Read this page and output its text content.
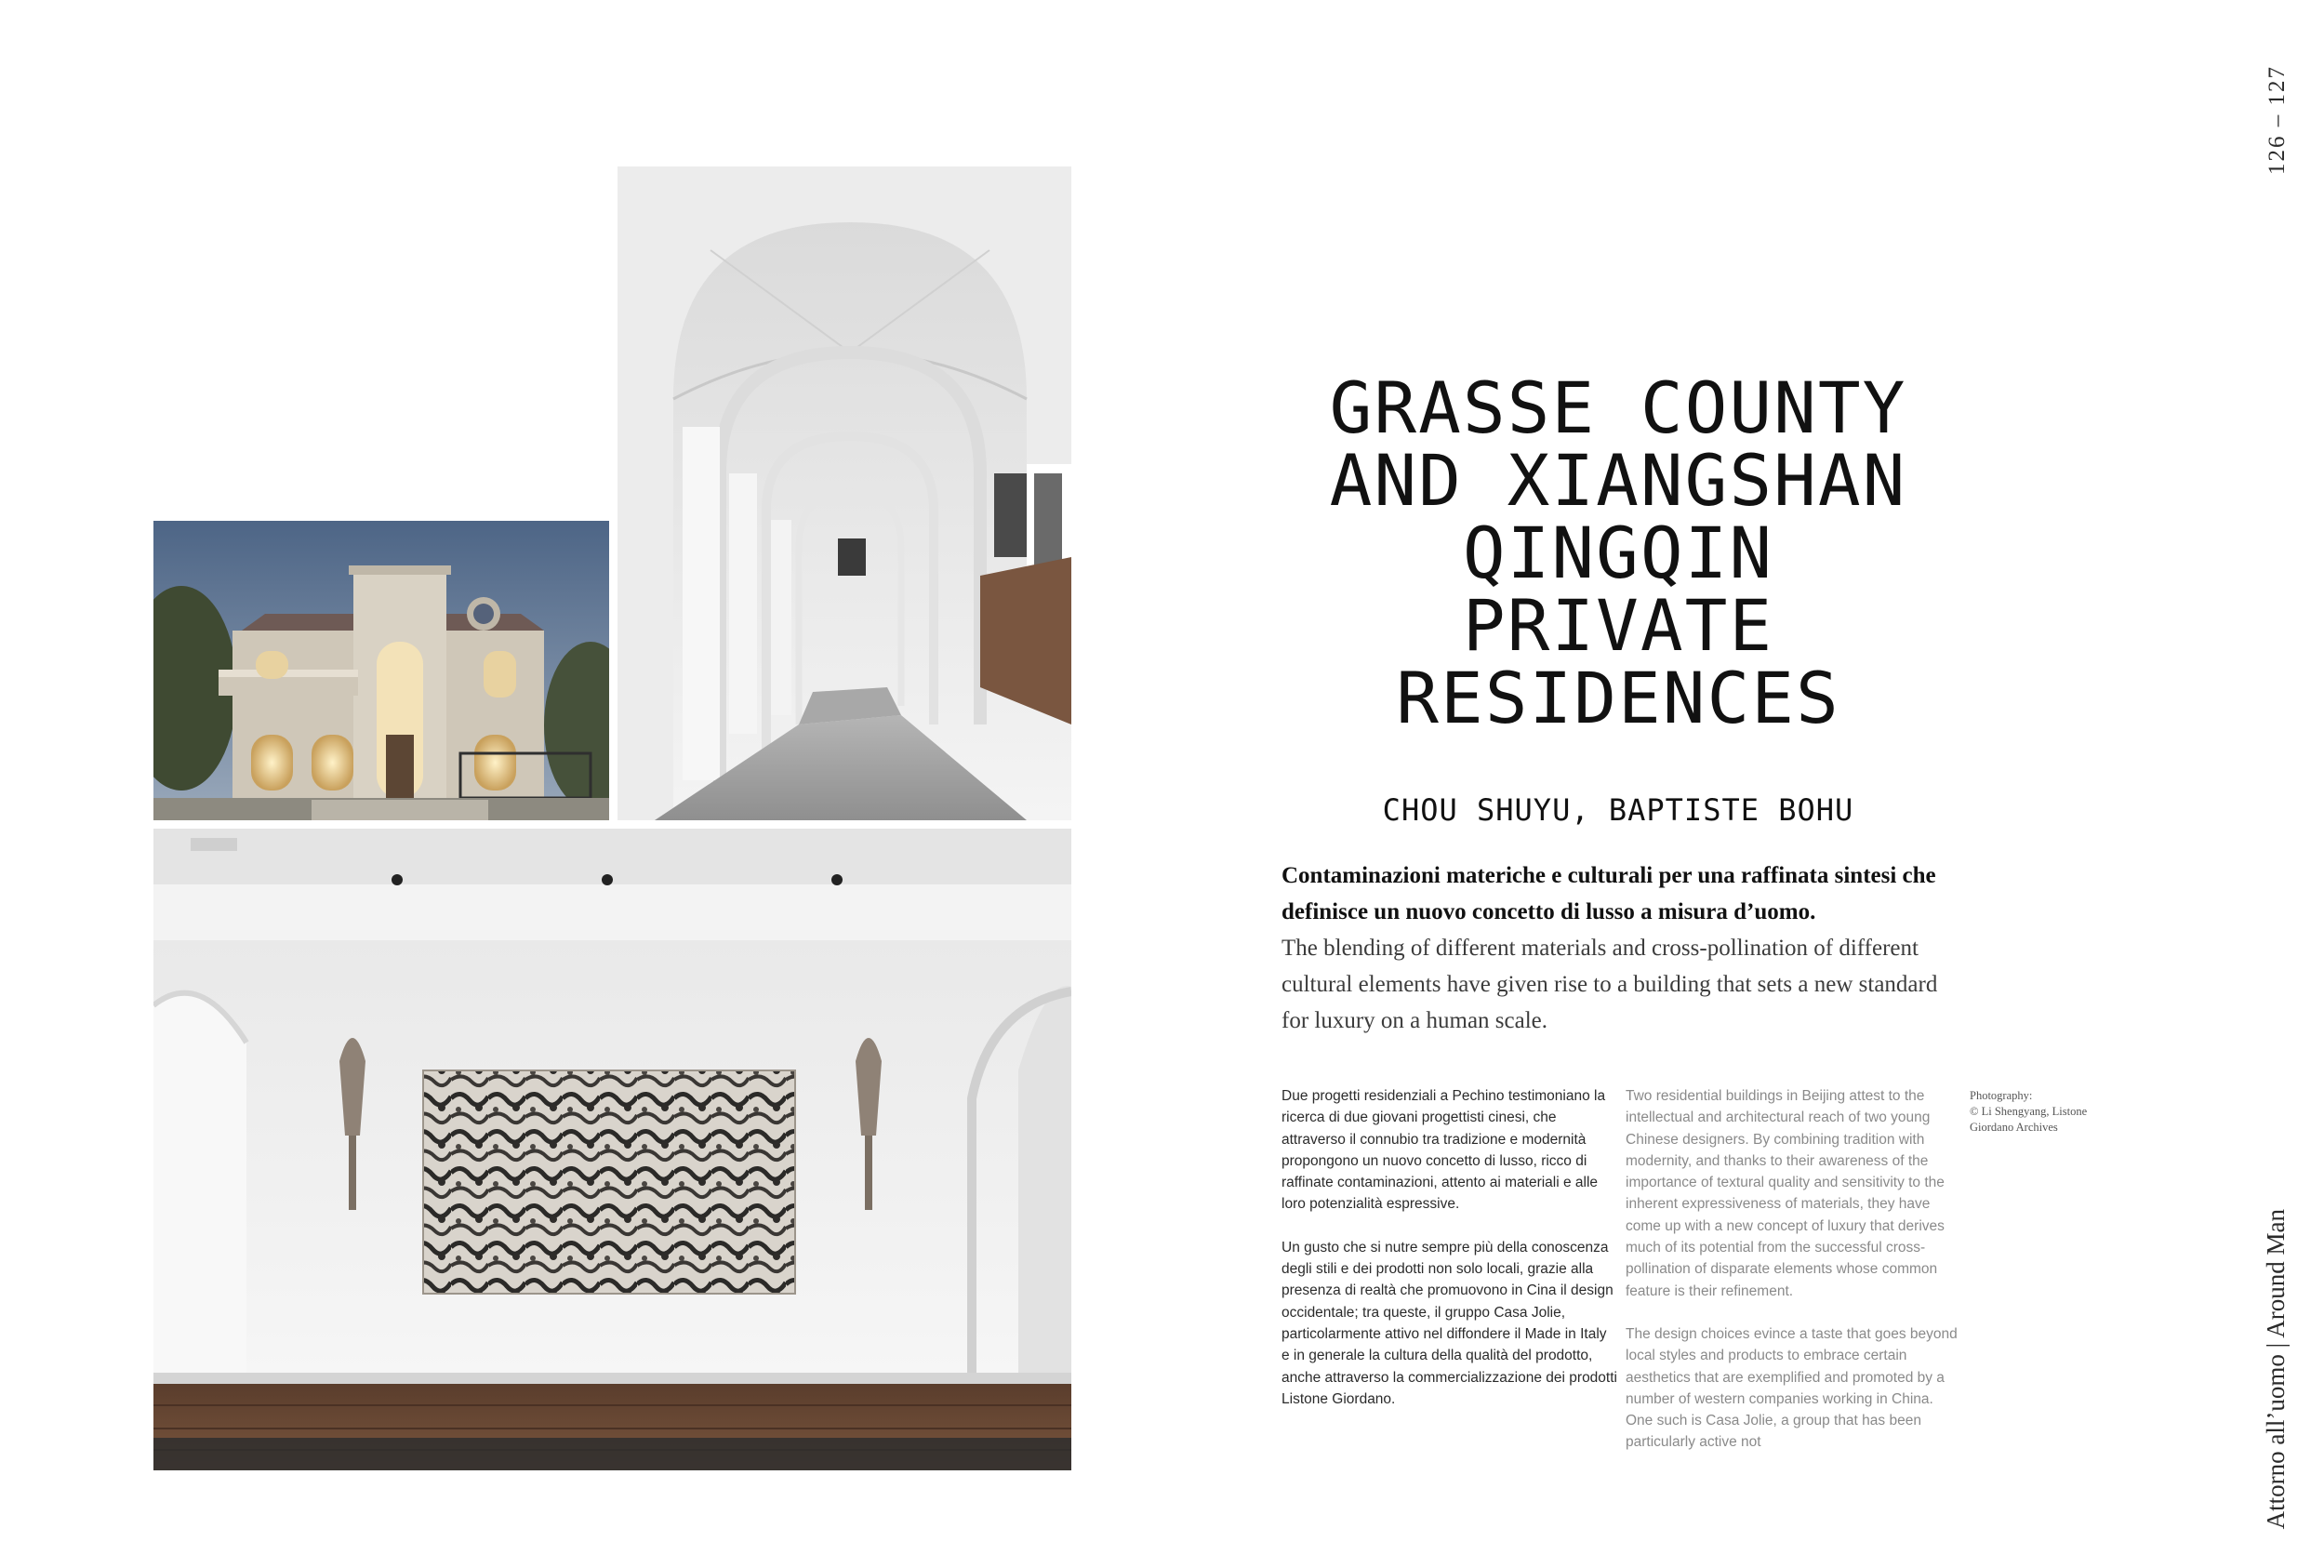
126 – 127
Attorno all’uomo | Around Man
GRASSE COUNTY
AND XIANGSHAN
QINGQIN
PRIVATE
RESIDENCES
CHOU SHUYU, BAPTISTE BOHU
Contaminazioni materiche e culturali per una raffinata sintesi che definisce un nuovo concetto di lusso a misura d’uomo.
The blending of different materials and cross-pollination of different cultural elements have given rise to a building that sets a new standard for luxury on a human scale.

Due progetti residenziali a Pechino testimoniano la ricerca di due giovani progettisti cinesi, che attraverso il connubio tra tradizione e modernità propongono un nuovo concetto di lusso, ricco di raffinate contaminazioni, attento ai materiali e alle loro potenzialità espressive.

Un gusto che si nutre sempre più della conoscenza degli stili e dei prodotti non solo locali, grazie alla presenza di realtà che promuovono in Cina il design occidentale; tra queste, il gruppo Casa Jolie, particolarmente attivo nel diffondere il Made in Italy e in generale la cultura della qualità del prodotto, anche attraverso la commercializzazione dei prodotti Listone Giordano.

Two residential buildings in Beijing attest to the intellectual and architectural reach of two young Chinese designers. By combining tradition with modernity, and thanks to their awareness of the importance of textural quality and sensitivity to the inherent expressiveness of materials, they have come up with a new concept of luxury that derives much of its potential from the successful cross-pollination of disparate elements whose common feature is their refinement.

The design choices evince a taste that goes beyond local styles and products to embrace certain aesthetics that are exemplified and promoted by a number of western companies working in China. One such is Casa Jolie, a group that has been particularly active not

Photography:
© Li Shengyang, Listone
Giordano Archives
